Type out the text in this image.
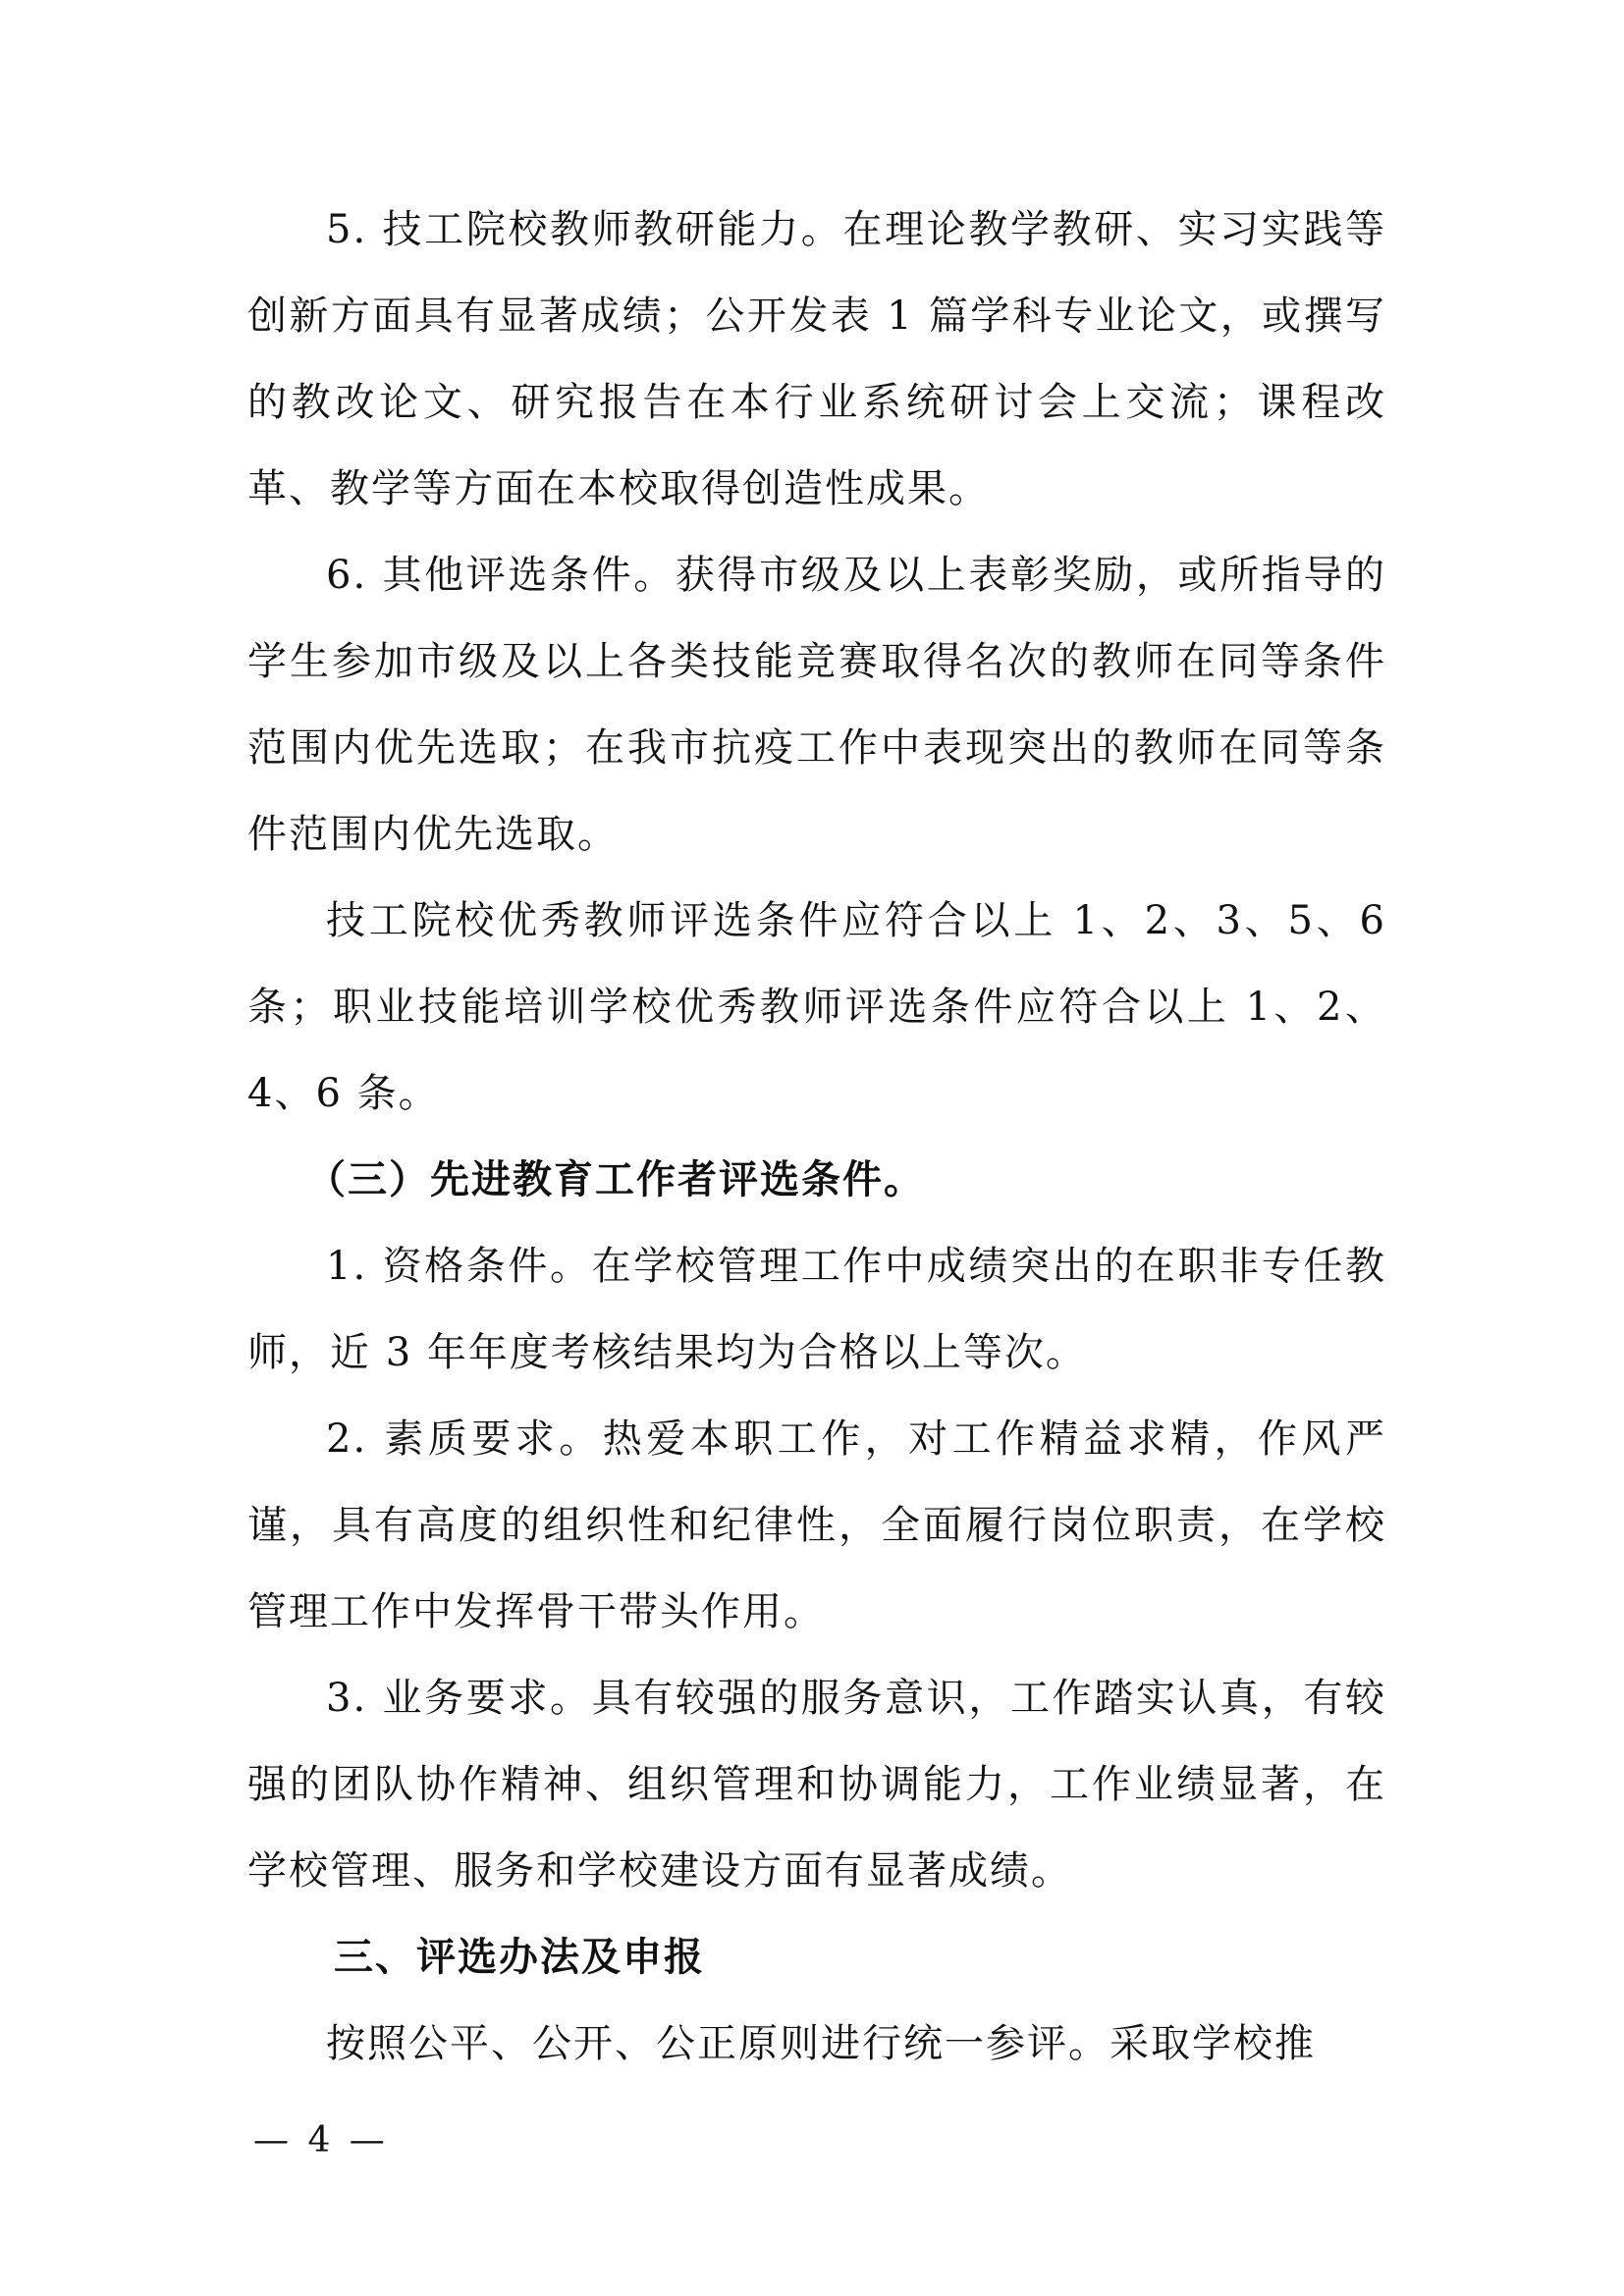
5. 技工院校教师教研能力。在理论教学教研、实习实践等创新方面具有显著成绩；公开发表 1 篇学科专业论文，或撰写的教改论文、研究报告在本行业系统研讨会上交流；课程改革、教学等方面在本校取得创造性成果。

6. 其他评选条件。获得市级及以上表彰奖励，或所指导的学生参加市级及以上各类技能竞赛取得名次的教师在同等条件范围内优先选取；在我市抗疫工作中表现突出的教师在同等条件范围内优先选取。

技工院校优秀教师评选条件应符合以上 1、2、3、5、6 条；职业技能培训学校优秀教师评选条件应符合以上 1、2、4、6 条。

（三）先进教育工作者评选条件。

1. 资格条件。在学校管理工作中成绩突出的在职非专任教师，近 3 年年度考核结果均为合格以上等次。

2. 素质要求。热爱本职工作，对工作精益求精，作风严谨，具有高度的组织性和纪律性，全面履行岗位职责，在学校管理工作中发挥骨干带头作用。

3. 业务要求。具有较强的服务意识，工作踏实认真，有较强的团队协作精神、组织管理和协调能力，工作业绩显著，在学校管理、服务和学校建设方面有显著成绩。

三、评选办法及申报

按照公平、公开、公正原则进行统一参评。采取学校推

— 4 —
